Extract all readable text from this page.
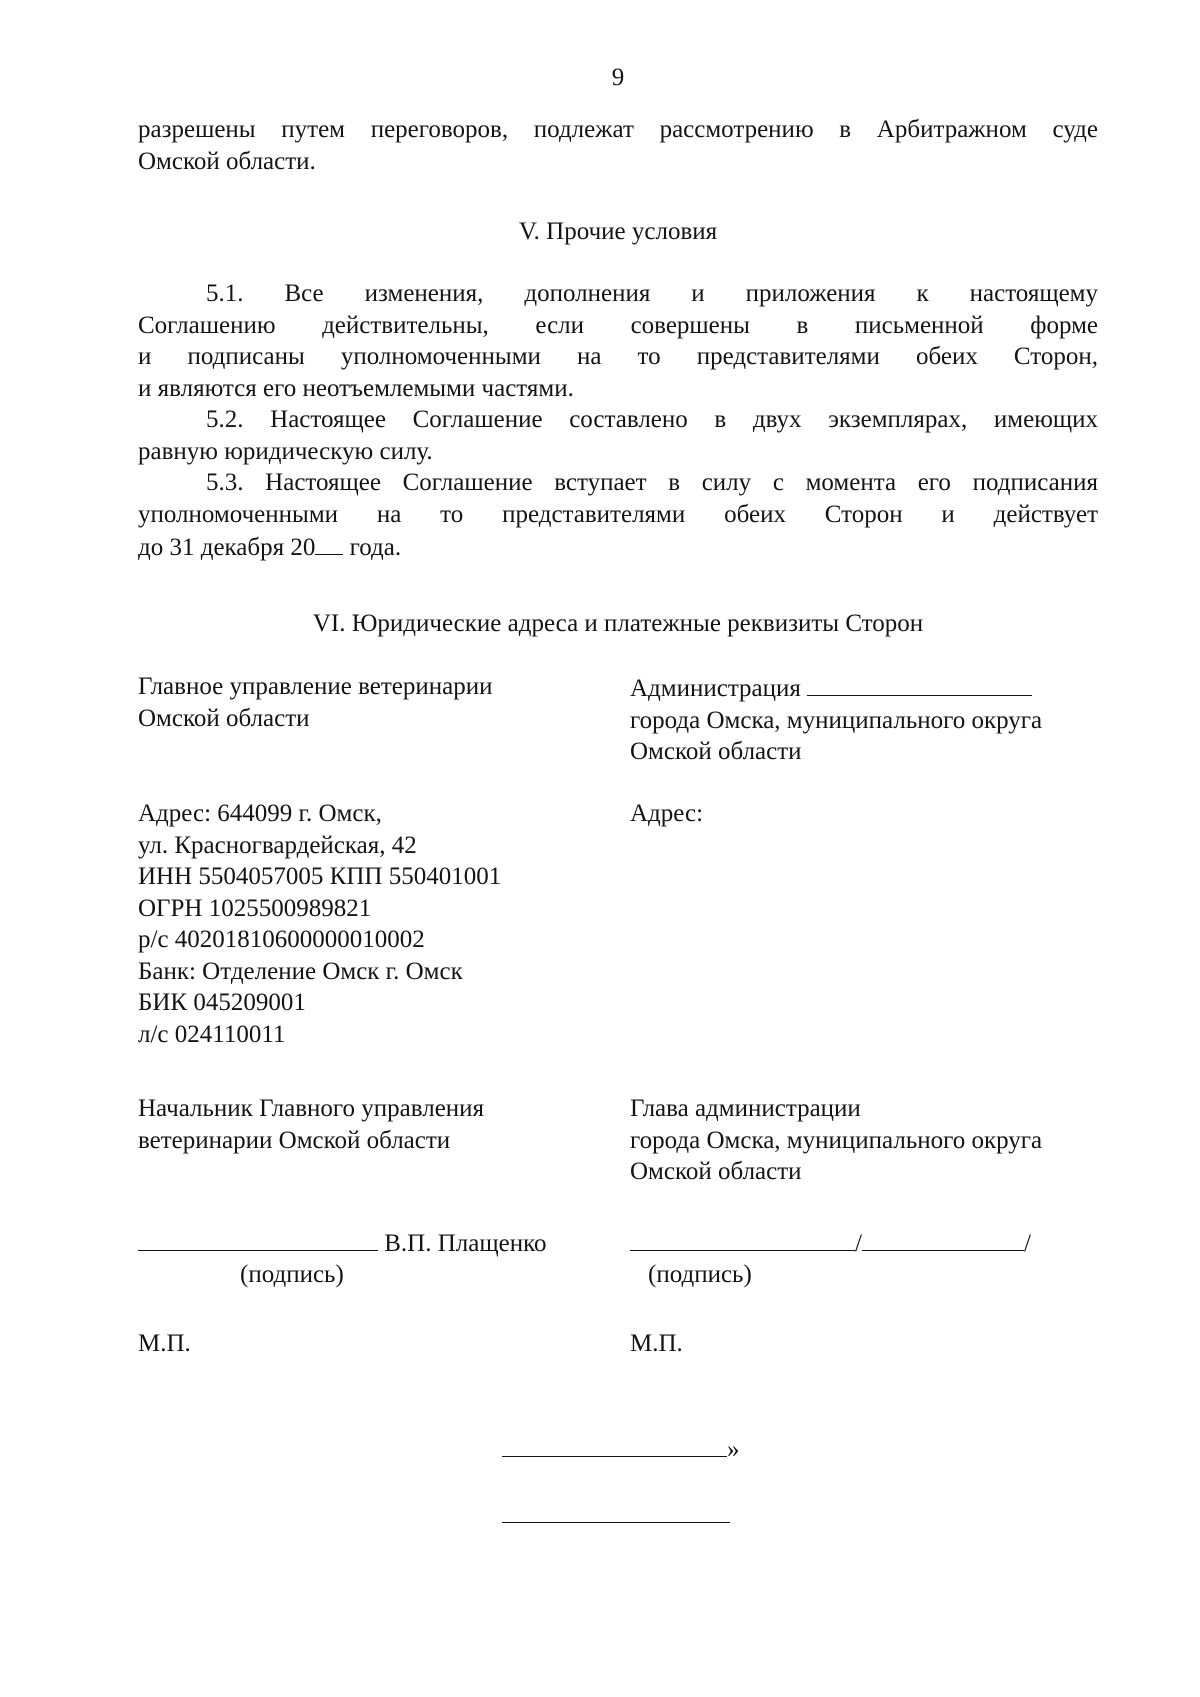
9
разрешены путем переговоров, подлежат рассмотрению в Арбитражном суде
Омской области.
V. Прочие условия
5.1. Все изменения, дополнения и приложения к настоящему
Соглашению действительны, если совершены в письменной форме
и подписаны уполномоченными на то представителями обеих Сторон,
и являются его неотъемлемыми частями.
5.2. Настоящее Соглашение составлено в двух экземплярах, имеющих
равную юридическую силу.
5.3. Настоящее Соглашение вступает в силу с момента его подписания
уполномоченными на то представителями обеих Сторон и действует
до 31 декабря 20 года.
VI. Юридические адреса и платежные реквизиты Сторон
Главное управление ветеринарии
Омской области
Администрация
города Омска, муниципального округа
Омской области
Адрес: 644099 г. Омск,
ул. Красногвардейская, 42
ИНН 5504057005 КПП 550401001
ОГРН 1025500989821
р/с 40201810600000010002
Банк: Отделение Омск г. Омск
БИК 045209001
л/с 024110011
Адрес:
Начальник Главного управления
ветеринарии Омской области
Глава администрации
города Омска, муниципального округа
Омской области
В.П. Плащенко
(подпись)
/	/
(подпись)
М.П.	М.П.
»
